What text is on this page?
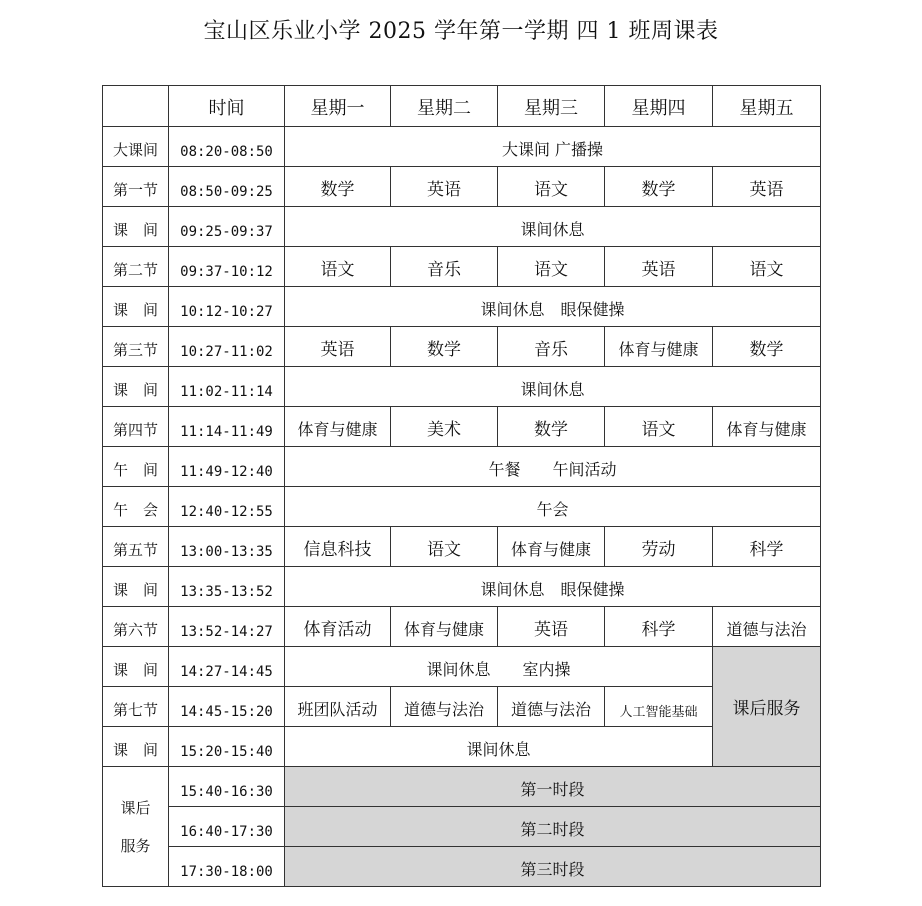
宝山区乐业小学 2025 学年第一学期 四 1 班周课表
	时间	星期一	星期二	星期三	星期四	星期五
大课间	08:20-08:50	大课间 广播操				
第一节	08:50-09:25	数学	英语	语文	数学	英语
课　间	09:25-09:37	课间休息				
第二节	09:37-10:12	语文	音乐	语文	英语	语文
课　间	10:12-10:27	课间休息　眼保健操				
第三节	10:27-11:02	英语	数学	音乐	体育与健康	数学
课　间	11:02-11:14	课间休息				
第四节	11:14-11:49	体育与健康	美术	数学	语文	体育与健康
午　间	11:49-12:40	午餐　　午间活动				
午　会	12:40-12:55	午会				
第五节	13:00-13:35	信息科技	语文	体育与健康	劳动	科学
课　间	13:35-13:52	课间休息　眼保健操				
第六节	13:52-14:27	体育活动	体育与健康	英语	科学	道德与法治
课　间	14:27-14:45	课间休息　　室内操				课后服务
第七节	14:45-15:20	班团队活动	道德与法治	道德与法治	人工智能基础	
课　间	15:20-15:40	课间休息				

课后
服务	15:40-16:30	第一时段				
	16:40-17:30	第二时段				
	17:30-18:00	第三时段				
